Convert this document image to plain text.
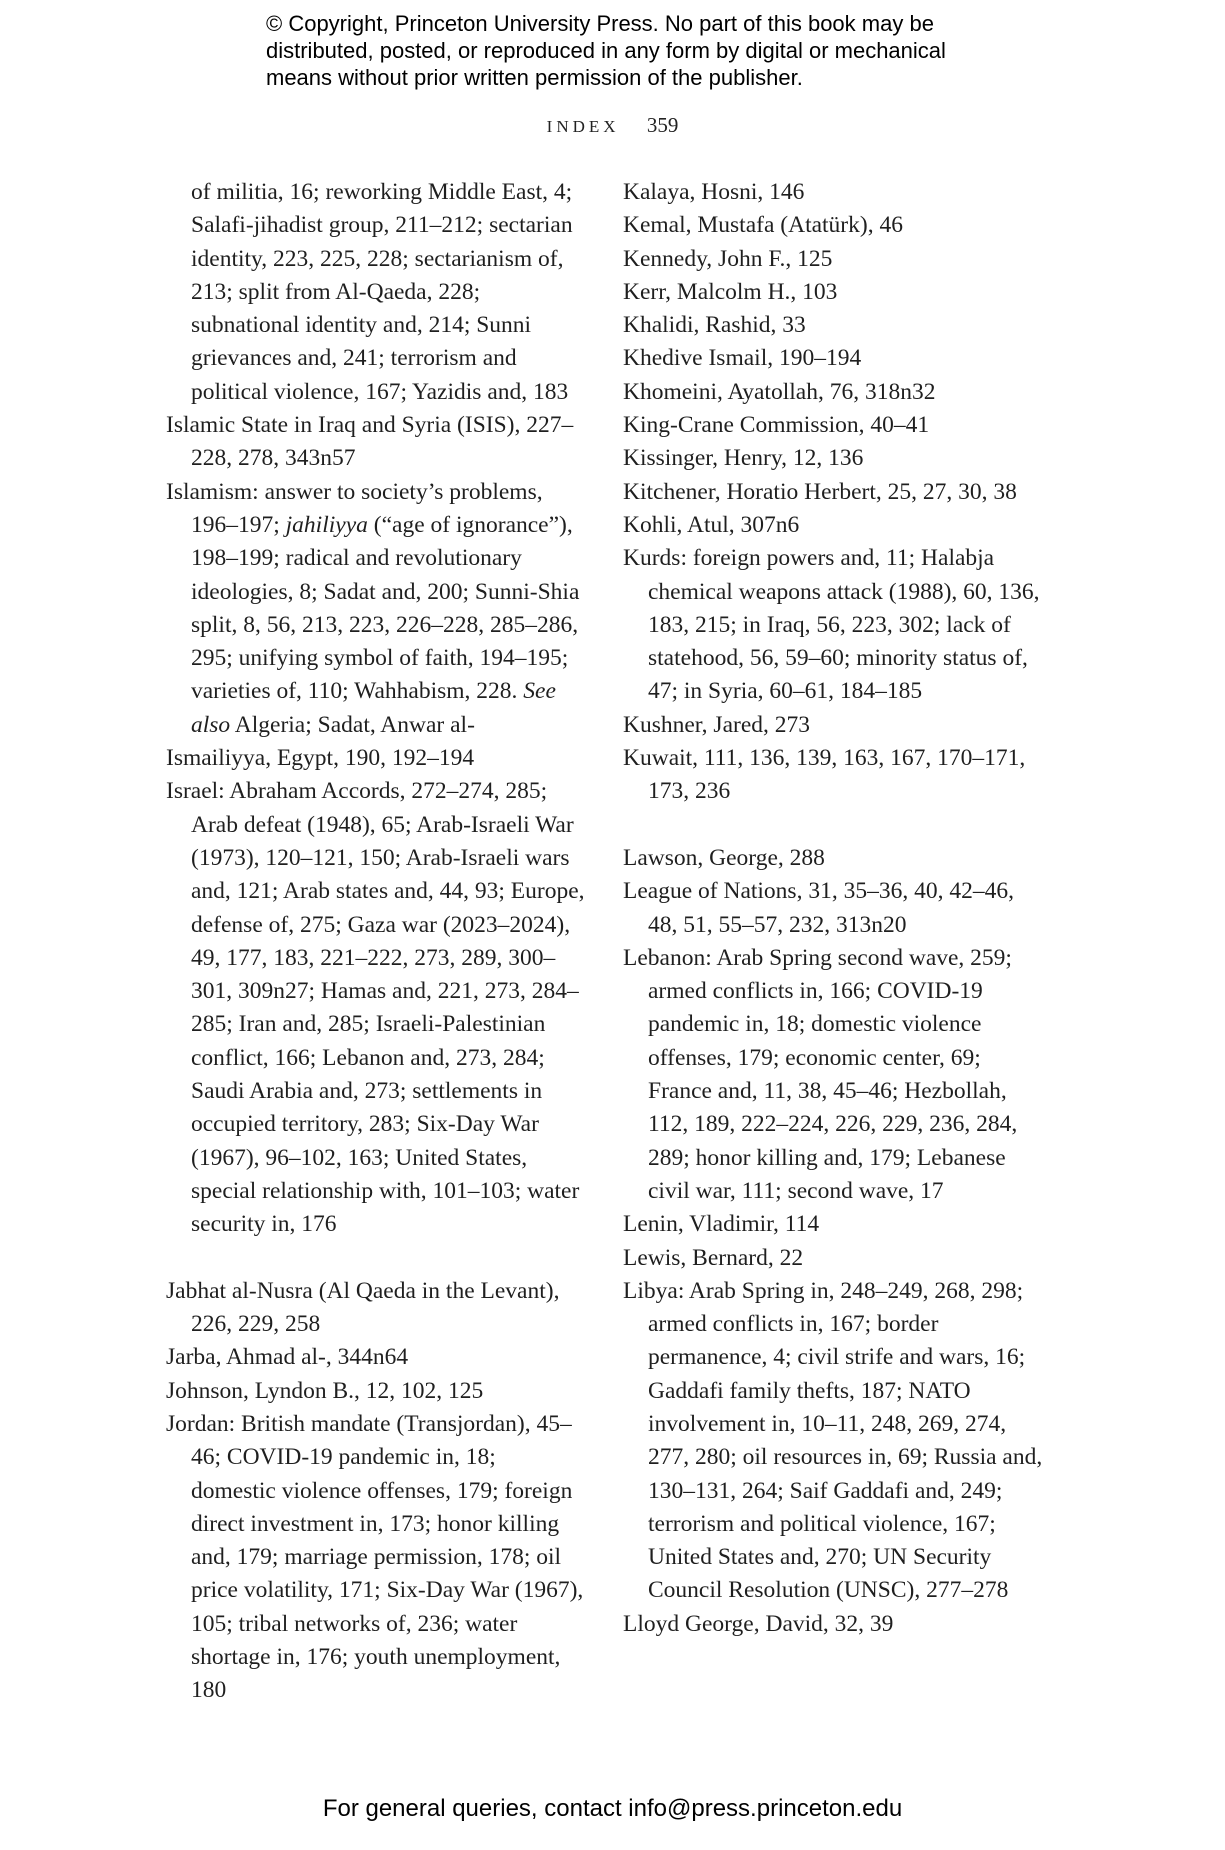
© Copyright, Princeton University Press. No part of this book may be
distributed, posted, or reproduced in any form by digital or mechanical
means without prior written permission of the publisher.
INDEX 359
of militia, 16; reworking Middle East, 4; Salafi-jihadist group, 211–212; sectarian identity, 223, 225, 228; sectarianism of, 213; split from Al-Qaeda, 228; subnational identity and, 214; Sunni grievances and, 241; terrorism and political violence, 167; Yazidis and, 183
Islamic State in Iraq and Syria (ISIS), 227–228, 278, 343n57
Islamism: answer to society’s problems, 196–197; jahiliyya (“age of ignorance”), 198–199; radical and revolutionary ideologies, 8; Sadat and, 200; Sunni-Shia split, 8, 56, 213, 223, 226–228, 285–286, 295; unifying symbol of faith, 194–195; varieties of, 110; Wahhabism, 228. See also Algeria; Sadat, Anwar al-
Ismailiyya, Egypt, 190, 192–194
Israel: Abraham Accords, 272–274, 285; Arab defeat (1948), 65; Arab-Israeli War (1973), 120–121, 150; Arab-Israeli wars and, 121; Arab states and, 44, 93; Europe, defense of, 275; Gaza war (2023–2024), 49, 177, 183, 221–222, 273, 289, 300–301, 309n27; Hamas and, 221, 273, 284–285; Iran and, 285; Israeli-Palestinian conflict, 166; Lebanon and, 273, 284; Saudi Arabia and, 273; settlements in occupied territory, 283; Six-Day War (1967), 96–102, 163; United States, special relationship with, 101–103; water security in, 176
Jabhat al-Nusra (Al Qaeda in the Levant), 226, 229, 258
Jarba, Ahmad al-, 344n64
Johnson, Lyndon B., 12, 102, 125
Jordan: British mandate (Transjordan), 45–46; COVID-19 pandemic in, 18; domestic violence offenses, 179; foreign direct investment in, 173; honor killing and, 179; marriage permission, 178; oil price volatility, 171; Six-Day War (1967), 105; tribal networks of, 236; water shortage in, 176; youth unemployment, 180
Kalaya, Hosni, 146
Kemal, Mustafa (Atatürk), 46
Kennedy, John F., 125
Kerr, Malcolm H., 103
Khalidi, Rashid, 33
Khedive Ismail, 190–194
Khomeini, Ayatollah, 76, 318n32
King-Crane Commission, 40–41
Kissinger, Henry, 12, 136
Kitchener, Horatio Herbert, 25, 27, 30, 38
Kohli, Atul, 307n6
Kurds: foreign powers and, 11; Halabja chemical weapons attack (1988), 60, 136, 183, 215; in Iraq, 56, 223, 302; lack of statehood, 56, 59–60; minority status of, 47; in Syria, 60–61, 184–185
Kushner, Jared, 273
Kuwait, 111, 136, 139, 163, 167, 170–171, 173, 236
Lawson, George, 288
League of Nations, 31, 35–36, 40, 42–46, 48, 51, 55–57, 232, 313n20
Lebanon: Arab Spring second wave, 259; armed conflicts in, 166; COVID-19 pandemic in, 18; domestic violence offenses, 179; economic center, 69; France and, 11, 38, 45–46; Hezbollah, 112, 189, 222–224, 226, 229, 236, 284, 289; honor killing and, 179; Lebanese civil war, 111; second wave, 17
Lenin, Vladimir, 114
Lewis, Bernard, 22
Libya: Arab Spring in, 248–249, 268, 298; armed conflicts in, 167; border permanence, 4; civil strife and wars, 16; Gaddafi family thefts, 187; NATO involvement in, 10–11, 248, 269, 274, 277, 280; oil resources in, 69; Russia and, 130–131, 264; Saif Gaddafi and, 249; terrorism and political violence, 167; United States and, 270; UN Security Council Resolution (UNSC), 277–278
Lloyd George, David, 32, 39
For general queries, contact info@press.princeton.edu
